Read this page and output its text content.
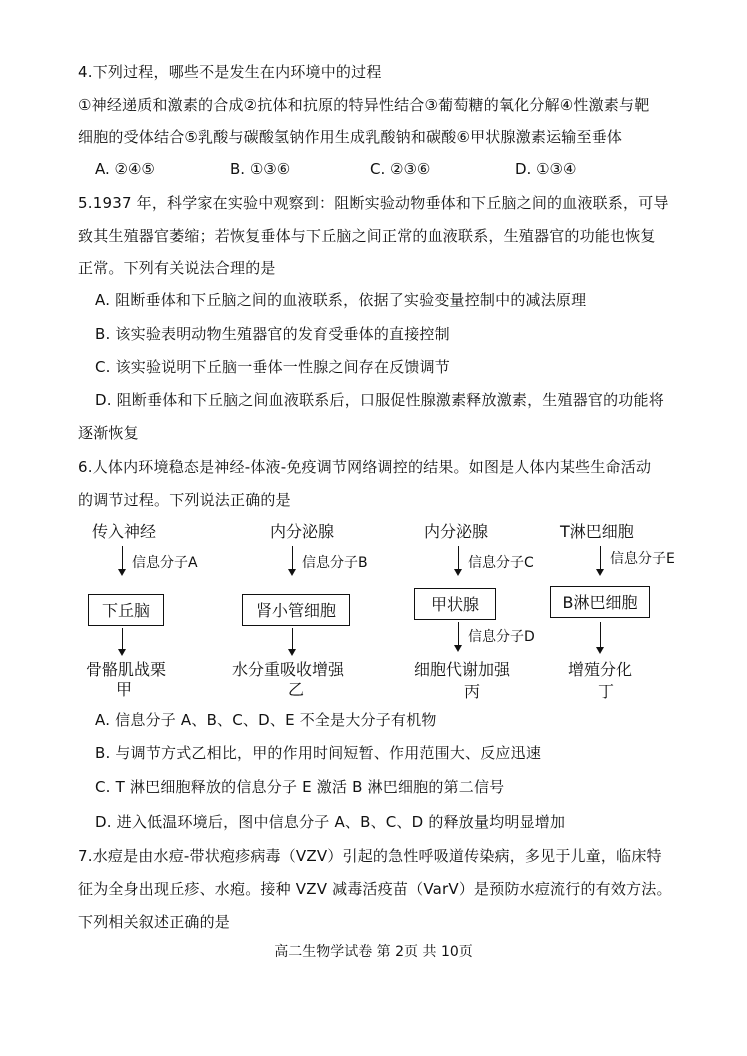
4.下列过程，哪些不是发生在内环境中的过程
①神经递质和激素的合成②抗体和抗原的特异性结合③葡萄糖的氧化分解④性激素与靶
细胞的受体结合⑤乳酸与碳酸氢钠作用生成乳酸钠和碳酸⑥甲状腺激素运输至垂体
A. ②④⑤	B. ①③⑥	C. ②③⑥	D. ①③④
5.1937 年，科学家在实验中观察到：阻断实验动物垂体和下丘脑之间的血液联系，可导
致其生殖器官萎缩；若恢复垂体与下丘脑之间正常的血液联系，生殖器官的功能也恢复
正常。下列有关说法合理的是
A. 阻断垂体和下丘脑之间的血液联系，依据了实验变量控制中的减法原理
B. 该实验表明动物生殖器官的发育受垂体的直接控制
C. 该实验说明下丘脑一垂体一性腺之间存在反馈调节
D. 阻断垂体和下丘脑之间血液联系后，口服促性腺激素释放激素，生殖器官的功能将
逐渐恢复
6.人体内环境稳态是神经-体液-免疫调节网络调控的结果。如图是人体内某些生命活动
的调节过程。下列说法正确的是
传入神经
信息分子A
下丘脑
骨骼肌战栗
甲
内分泌腺
信息分子B
肾小管细胞
水分重吸收增强
乙
内分泌腺
信息分子C
甲状腺
信息分子D
细胞代谢加强
丙
T淋巴细胞
信息分子E
B淋巴细胞
增殖分化
丁
A. 信息分子 A、B、C、D、E 不全是大分子有机物
B. 与调节方式乙相比，甲的作用时间短暂、作用范围大、反应迅速
C. T 淋巴细胞释放的信息分子 E 激活 B 淋巴细胞的第二信号
D. 进入低温环境后，图中信息分子 A、B、C、D 的释放量均明显增加
7.水痘是由水痘-带状疱疹病毒（VZV）引起的急性呼吸道传染病，多见于儿童，临床特
征为全身出现丘疹、水疱。接种 VZV 减毒活疫苗（VarV）是预防水痘流行的有效方法。
下列相关叙述正确的是
高二生物学试卷 第 2页 共 10页
